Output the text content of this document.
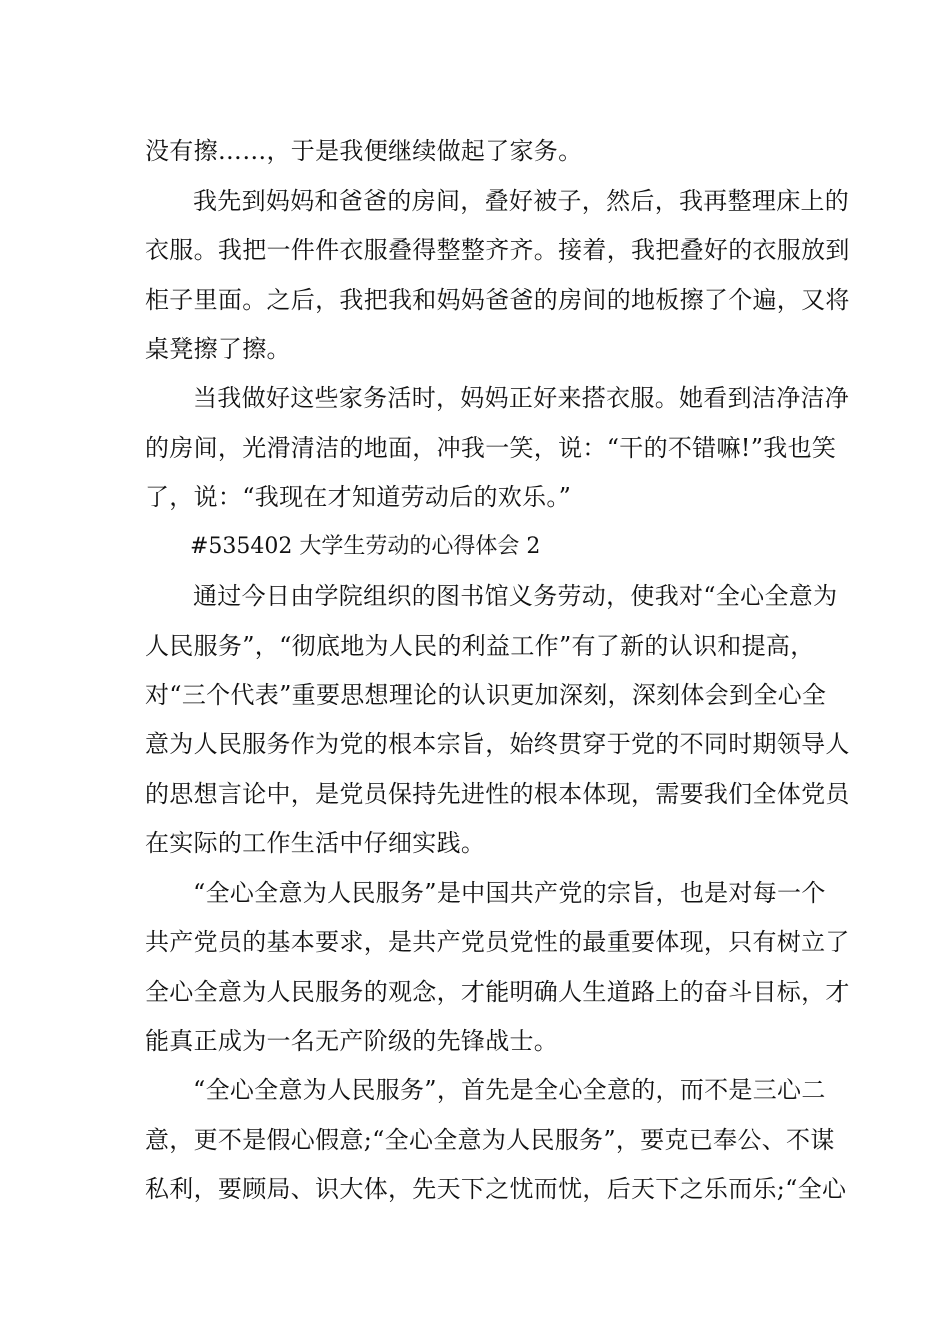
没有擦……，于是我便继续做起了家务。
我先到妈妈和爸爸的房间，叠好被子，然后，我再整理床上的
衣服。我把一件件衣服叠得整整齐齐。接着，我把叠好的衣服放到
柜子里面。之后，我把我和妈妈爸爸的房间的地板擦了个遍，又将
桌凳擦了擦。
当我做好这些家务活时，妈妈正好来搭衣服。她看到洁净洁净
的房间，光滑清洁的地面，冲我一笑，说：“干的不错嘛!”我也笑
了，说：“我现在才知道劳动后的欢乐。”
#535402 大学生劳动的心得体会 2
通过今日由学院组织的图书馆义务劳动，使我对“全心全意为
人民服务”，“彻底地为人民的利益工作”有了新的认识和提高，
对“三个代表”重要思想理论的认识更加深刻，深刻体会到全心全
意为人民服务作为党的根本宗旨，始终贯穿于党的不同时期领导人
的思想言论中，是党员保持先进性的根本体现，需要我们全体党员
在实际的工作生活中仔细实践。
“全心全意为人民服务”是中国共产党的宗旨，也是对每一个
共产党员的基本要求，是共产党员党性的最重要体现，只有树立了
全心全意为人民服务的观念，才能明确人生道路上的奋斗目标，才
能真正成为一名无产阶级的先锋战士。
“全心全意为人民服务”，首先是全心全意的，而不是三心二
意，更不是假心假意;“全心全意为人民服务”，要克已奉公、不谋
私利，要顾局、识大体，先天下之忧而忧，后天下之乐而乐;“全心
